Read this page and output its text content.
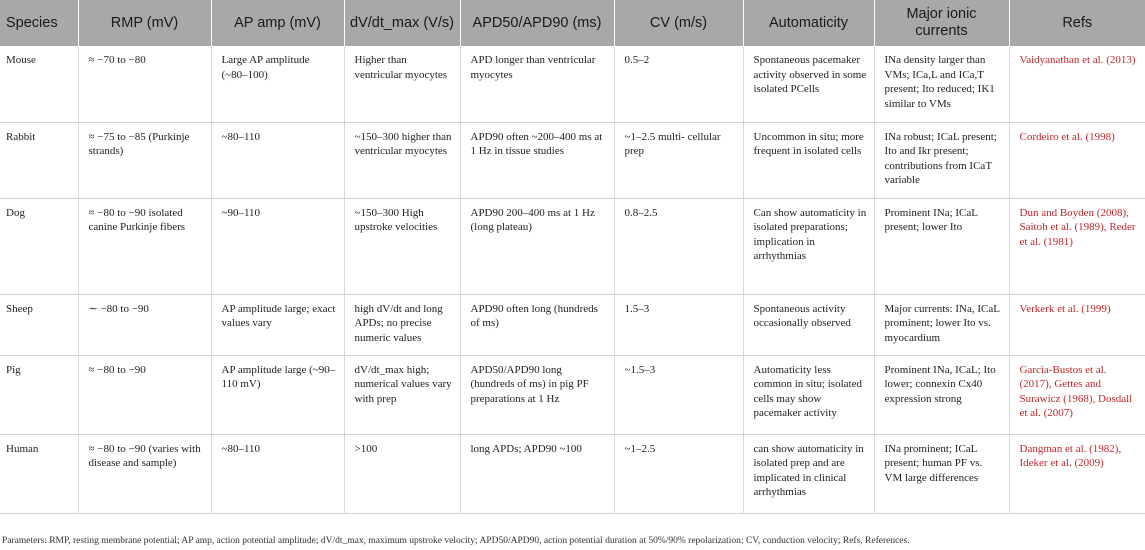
Species	RMP (mV)	AP amp (mV)	dV/dt_max (V/s)	APD50/APD90 (ms)	CV (m/s)	Automaticity	Major ionic currents	Refs
Mouse	≈ −70 to −80	Large AP amplitude (~80–100)	Higher than ventricular myocytes	APD longer than ventricular myocytes	0.5–2	Spontaneous pacemaker activity observed in some isolated PCells	INa density larger than VMs; ICa,L and ICa,T present; Ito reduced; IK1 similar to VMs	Vaidyanathan et al. (2013)
Rabbit	≈ −75 to −85 (Purkinje strands)	~80–110	~150–300 higher than ventricular myocytes	APD90 often ~200–400 ms at 1 Hz in tissue studies	~1–2.5 multi- cellular prep	Uncommon in situ; more frequent in isolated cells	INa robust; ICaL present; Ito and Ikr present; contributions from ICaT variable	Cordeiro et al. (1998)
Dog	≈ −80 to −90 isolated canine Purkinje fibers	~90–110	~150–300 High upstroke velocities	APD90 200–400 ms at 1 Hz (long plateau)	0.8–2.5	Can show automaticity in isolated preparations; implication in arrhythmias	Prominent INa; ICaL present; lower Ito	Dun and Boyden (2008), Saitoh et al. (1989), Reder et al. (1981)
Sheep	∼ −80 to −90	AP amplitude large; exact values vary	high dV/dt and long APDs; no precise numeric values	APD90 often long (hundreds of ms)	1.5–3	Spontaneous activity occasionally observed	Major currents: INa, ICaL prominent; lower Ito vs. myocardium	Verkerk et al. (1999)
Pig	≈ −80 to −90	AP amplitude large (~90–110 mV)	dV/dt_max high; numerical values vary with prep	APD50/APD90 long (hundreds of ms) in pig PF preparations at 1 Hz	~1.5–3	Automaticity less common in situ; isolated cells may show pacemaker activity	Prominent INa, ICaL; Ito lower; connexin Cx40 expression strong	Garcia-Bustos et al. (2017), Gettes and Surawicz (1968), Dosdall et al. (2007)
Human	≈ −80 to −90 (varies with disease and sample)	~80–110	>100	long APDs; APD90 ~100	~1–2.5	can show automaticity in isolated prep and are implicated in clinical arrhythmias	INa prominent; ICaL present; human PF vs. VM large differences	Dangman et al. (1982), Ideker et al. (2009)
Parameters: RMP, resting membrane potential; AP amp, action potential amplitude; dV/dt_max, maximum upstroke velocity; APD50/APD90, action potential duration at 50%/90% repolarization; CV, conduction velocity; Refs, References.
